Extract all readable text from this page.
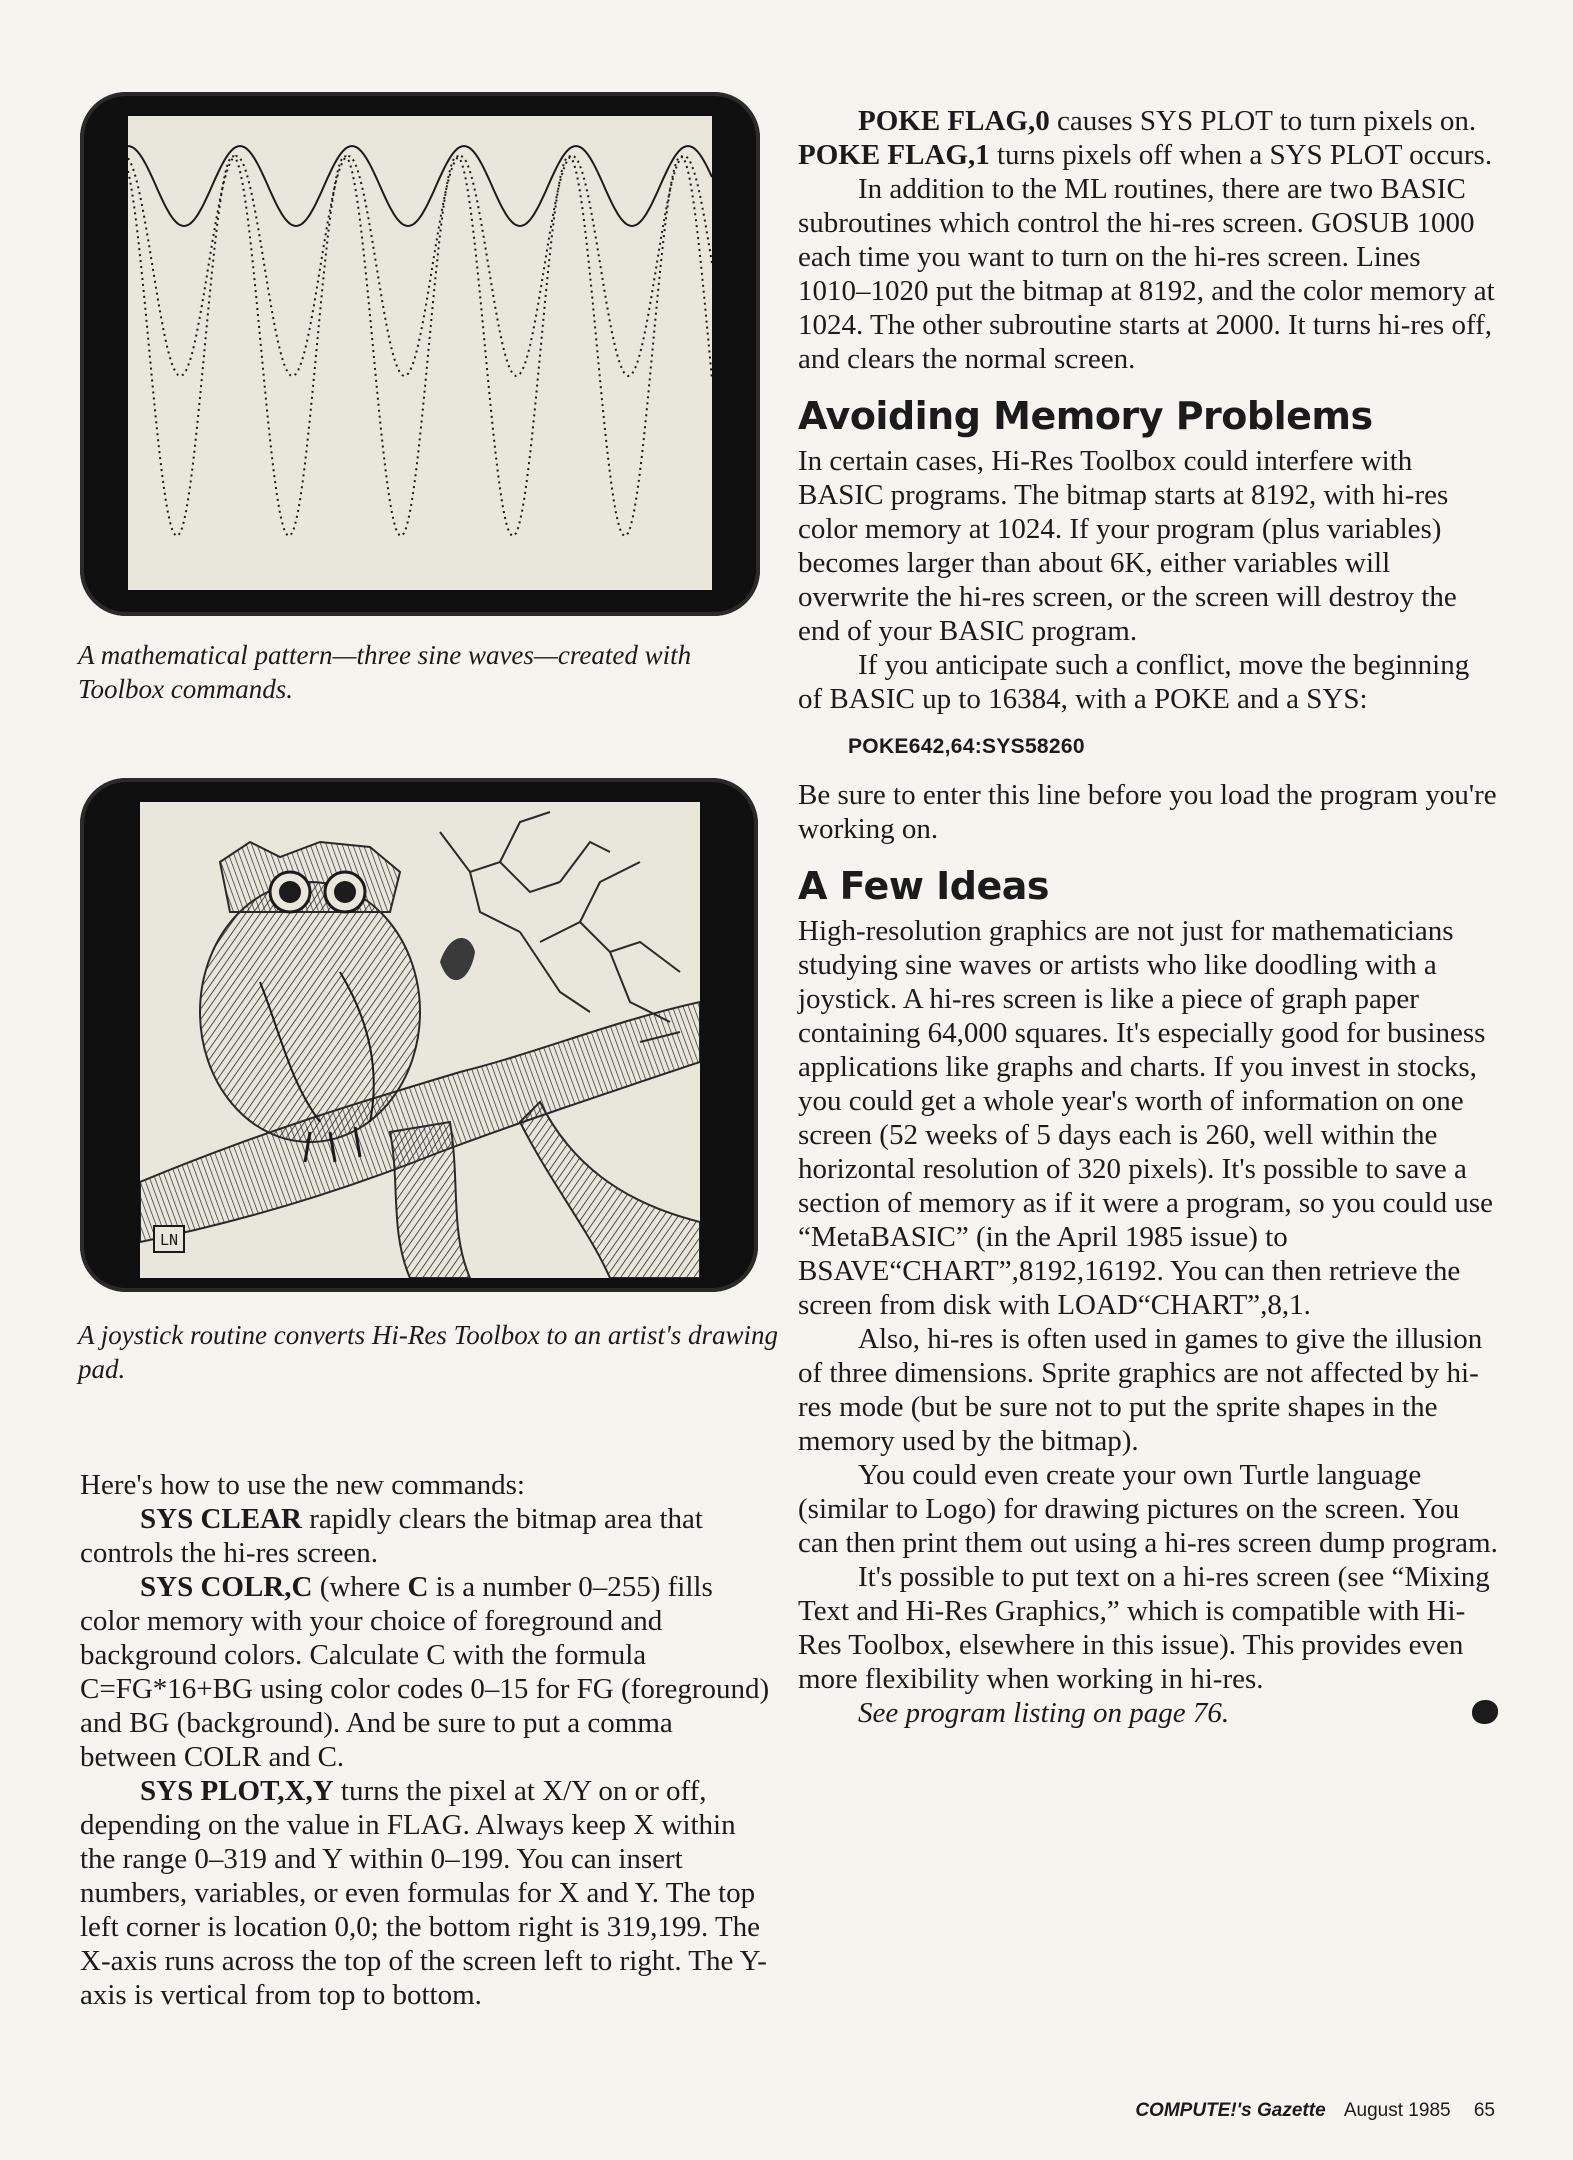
A mathematical pattern—three sine waves—created with Toolbox commands.

LN

A joystick routine converts Hi-Res Toolbox to an artist's drawing pad.

Here's how to use the new commands:

SYS CLEAR rapidly clears the bitmap area that controls the hi-res screen.

SYS COLR,C (where C is a number 0–255) fills color memory with your choice of foreground and background colors. Calculate C with the formula C=FG*16+BG using color codes 0–15 for FG (foreground) and BG (background). And be sure to put a comma between COLR and C.

SYS PLOT,X,Y turns the pixel at X/Y on or off, depending on the value in FLAG. Always keep X within the range 0–319 and Y within 0–199. You can insert numbers, variables, or even formulas for X and Y. The top left corner is location 0,0; the bottom right is 319,199. The X-axis runs across the top of the screen left to right. The Y-axis is vertical from top to bottom.

POKE FLAG,0 causes SYS PLOT to turn pixels on. POKE FLAG,1 turns pixels off when a SYS PLOT occurs.

In addition to the ML routines, there are two BASIC subroutines which control the hi-res screen. GOSUB 1000 each time you want to turn on the hi-res screen. Lines 1010–1020 put the bitmap at 8192, and the color memory at 1024. The other subroutine starts at 2000. It turns hi-res off, and clears the normal screen.

Avoiding Memory Problems

In certain cases, Hi-Res Toolbox could interfere with BASIC programs. The bitmap starts at 8192, with hi-res color memory at 1024. If your program (plus variables) becomes larger than about 6K, either variables will overwrite the hi-res screen, or the screen will destroy the end of your BASIC program.

If you anticipate such a conflict, move the beginning of BASIC up to 16384, with a POKE and a SYS:

POKE642,64:SYS58260

Be sure to enter this line before you load the program you're working on.

A Few Ideas

High-resolution graphics are not just for mathematicians studying sine waves or artists who like doodling with a joystick. A hi-res screen is like a piece of graph paper containing 64,000 squares. It's especially good for business applications like graphs and charts. If you invest in stocks, you could get a whole year's worth of information on one screen (52 weeks of 5 days each is 260, well within the horizontal resolution of 320 pixels). It's possible to save a section of memory as if it were a program, so you could use “MetaBASIC” (in the April 1985 issue) to BSAVE“CHART”,8192,16192. You can then retrieve the screen from disk with LOAD“CHART”,8,1.

Also, hi-res is often used in games to give the illusion of three dimensions. Sprite graphics are not affected by hi-res mode (but be sure not to put the sprite shapes in the memory used by the bitmap).

You could even create your own Turtle language (similar to Logo) for drawing pictures on the screen. You can then print them out using a hi-res screen dump program.

It's possible to put text on a hi-res screen (see “Mixing Text and Hi-Res Graphics,” which is compatible with Hi-Res Toolbox, elsewhere in this issue). This provides even more flexibility when working in hi-res.

See program listing on page 76.	G

COMPUTE!'s Gazette August 1985 65
